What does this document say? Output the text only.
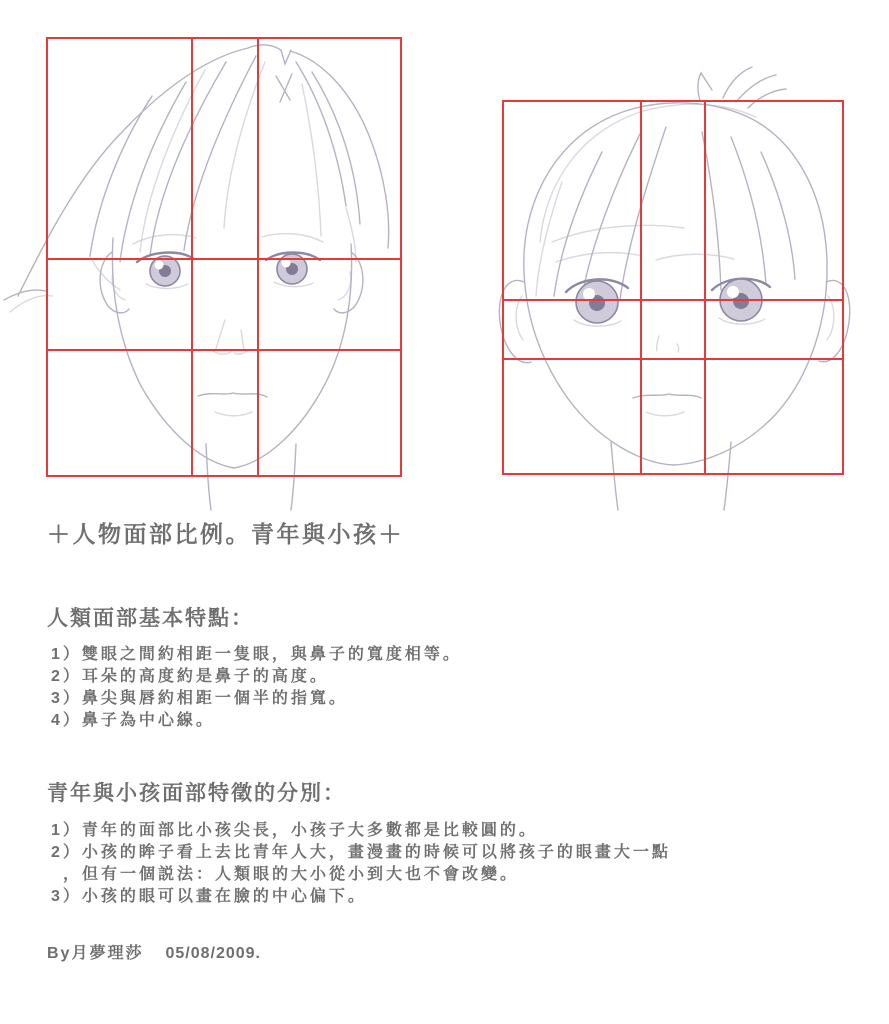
＋人物面部比例。青年與小孩＋
人類面部基本特點：
1）雙眼之間約相距一隻眼，與鼻子的寬度相等。
2）耳朵的高度約是鼻子的高度。
3）鼻尖與唇約相距一個半的指寬。
4）鼻子為中心線。
青年與小孩面部特徵的分別：
1）青年的面部比小孩尖長，小孩子大多數都是比較圓的。
2）小孩的眸子看上去比青年人大，畫漫畫的時候可以將孩子的眼畫大一點
，但有一個説法：人類眼的大小從小到大也不會改變。
3）小孩的眼可以畫在臉的中心偏下。
By月夢理莎 05/08/2009.
